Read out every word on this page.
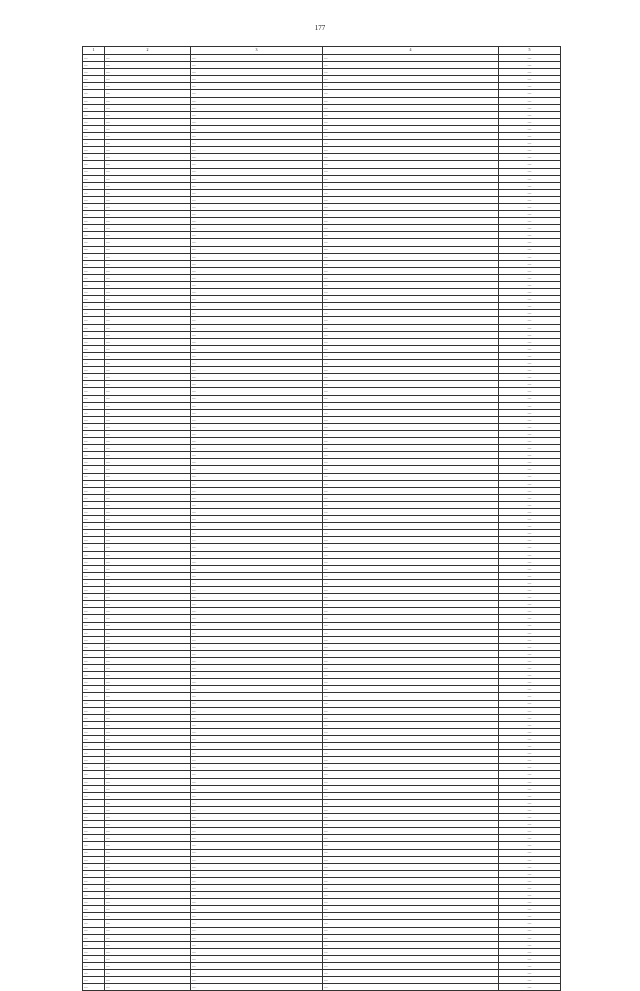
177
1	2	3	4	5
—	—	—	—	—
—	—	—	—	—
—	—	—	—	—
—	—	—	—	—
—	—	—	—	—
—	—	—	—	—
—	—	—	—	—
—	—	—	—	—
—	—	—	—	—
—	—	—	—	—
—	—	—	—	—
—	—	—	—	—
—	—	—	—	—
—	—	—	—	—
—	—	—	—	—
—	—	—	—	—
—	—	—	—	—
—	—	—	—	—
—	—	—	—	—
—	—	—	—	—
—	—	—	—	—
—	—	—	—	—
—	—	—	—	—
—	—	—	—	—
—	—	—	—	—
—	—	—	—	—
—	—	—	—	—
—	—	—	—	—
—	—	—	—	—
—	—	—	—	—
—	—	—	—	—
—	—	—	—	—
—	—	—	—	—
—	—	—	—	—
—	—	—	—	—
—	—	—	—	—
—	—	—	—	—
—	—	—	—	—
—	—	—	—	—
—	—	—	—	—
—	—	—	—	—
—	—	—	—	—
—	—	—	—	—
—	—	—	—	—
—	—	—	—	—
—	—	—	—	—
—	—	—	—	—
—	—	—	—	—
—	—	—	—	—
—	—	—	—	—
—	—	—	—	—
—	—	—	—	—
—	—	—	—	—
—	—	—	—	—
—	—	—	—	—
—	—	—	—	—
—	—	—	—	—
—	—	—	—	—
—	—	—	—	—
—	—	—	—	—
—	—	—	—	—
—	—	—	—	—
—	—	—	—	—
—	—	—	—	—
—	—	—	—	—
—	—	—	—	—
—	—	—	—	—
—	—	—	—	—
—	—	—	—	—
—	—	—	—	—
—	—	—	—	—
—	—	—	—	—
—	—	—	—	—
—	—	—	—	—
—	—	—	—	—
—	—	—	—	—
—	—	—	—	—
—	—	—	—	—
—	—	—	—	—
—	—	—	—	—
—	—	—	—	—
—	—	—	—	—
—	—	—	—	—
—	—	—	—	—
—	—	—	—	—
—	—	—	—	—
—	—	—	—	—
—	—	—	—	—
—	—	—	—	—
—	—	—	—	—
—	—	—	—	—
—	—	—	—	—
—	—	—	—	—
—	—	—	—	—
—	—	—	—	—
—	—	—	—	—
—	—	—	—	—
—	—	—	—	—
—	—	—	—	—
—	—	—	—	—
—	—	—	—	—
—	—	—	—	—
—	—	—	—	—
—	—	—	—	—
—	—	—	—	—
—	—	—	—	—
—	—	—	—	—
—	—	—	—	—
—	—	—	—	—
—	—	—	—	—
—	—	—	—	—
—	—	—	—	—
—	—	—	—	—
—	—	—	—	—
—	—	—	—	—
—	—	—	—	—
—	—	—	—	—
—	—	—	—	—
—	—	—	—	—
—	—	—	—	—
—	—	—	—	—
—	—	—	—	—
—	—	—	—	—
—	—	—	—	—
—	—	—	—	—
—	—	—	—	—
—	—	—	—	—
—	—	—	—	—
—	—	—	—	—
—	—	—	—	—
—	—	—	—	—
—	—	—	—	—
